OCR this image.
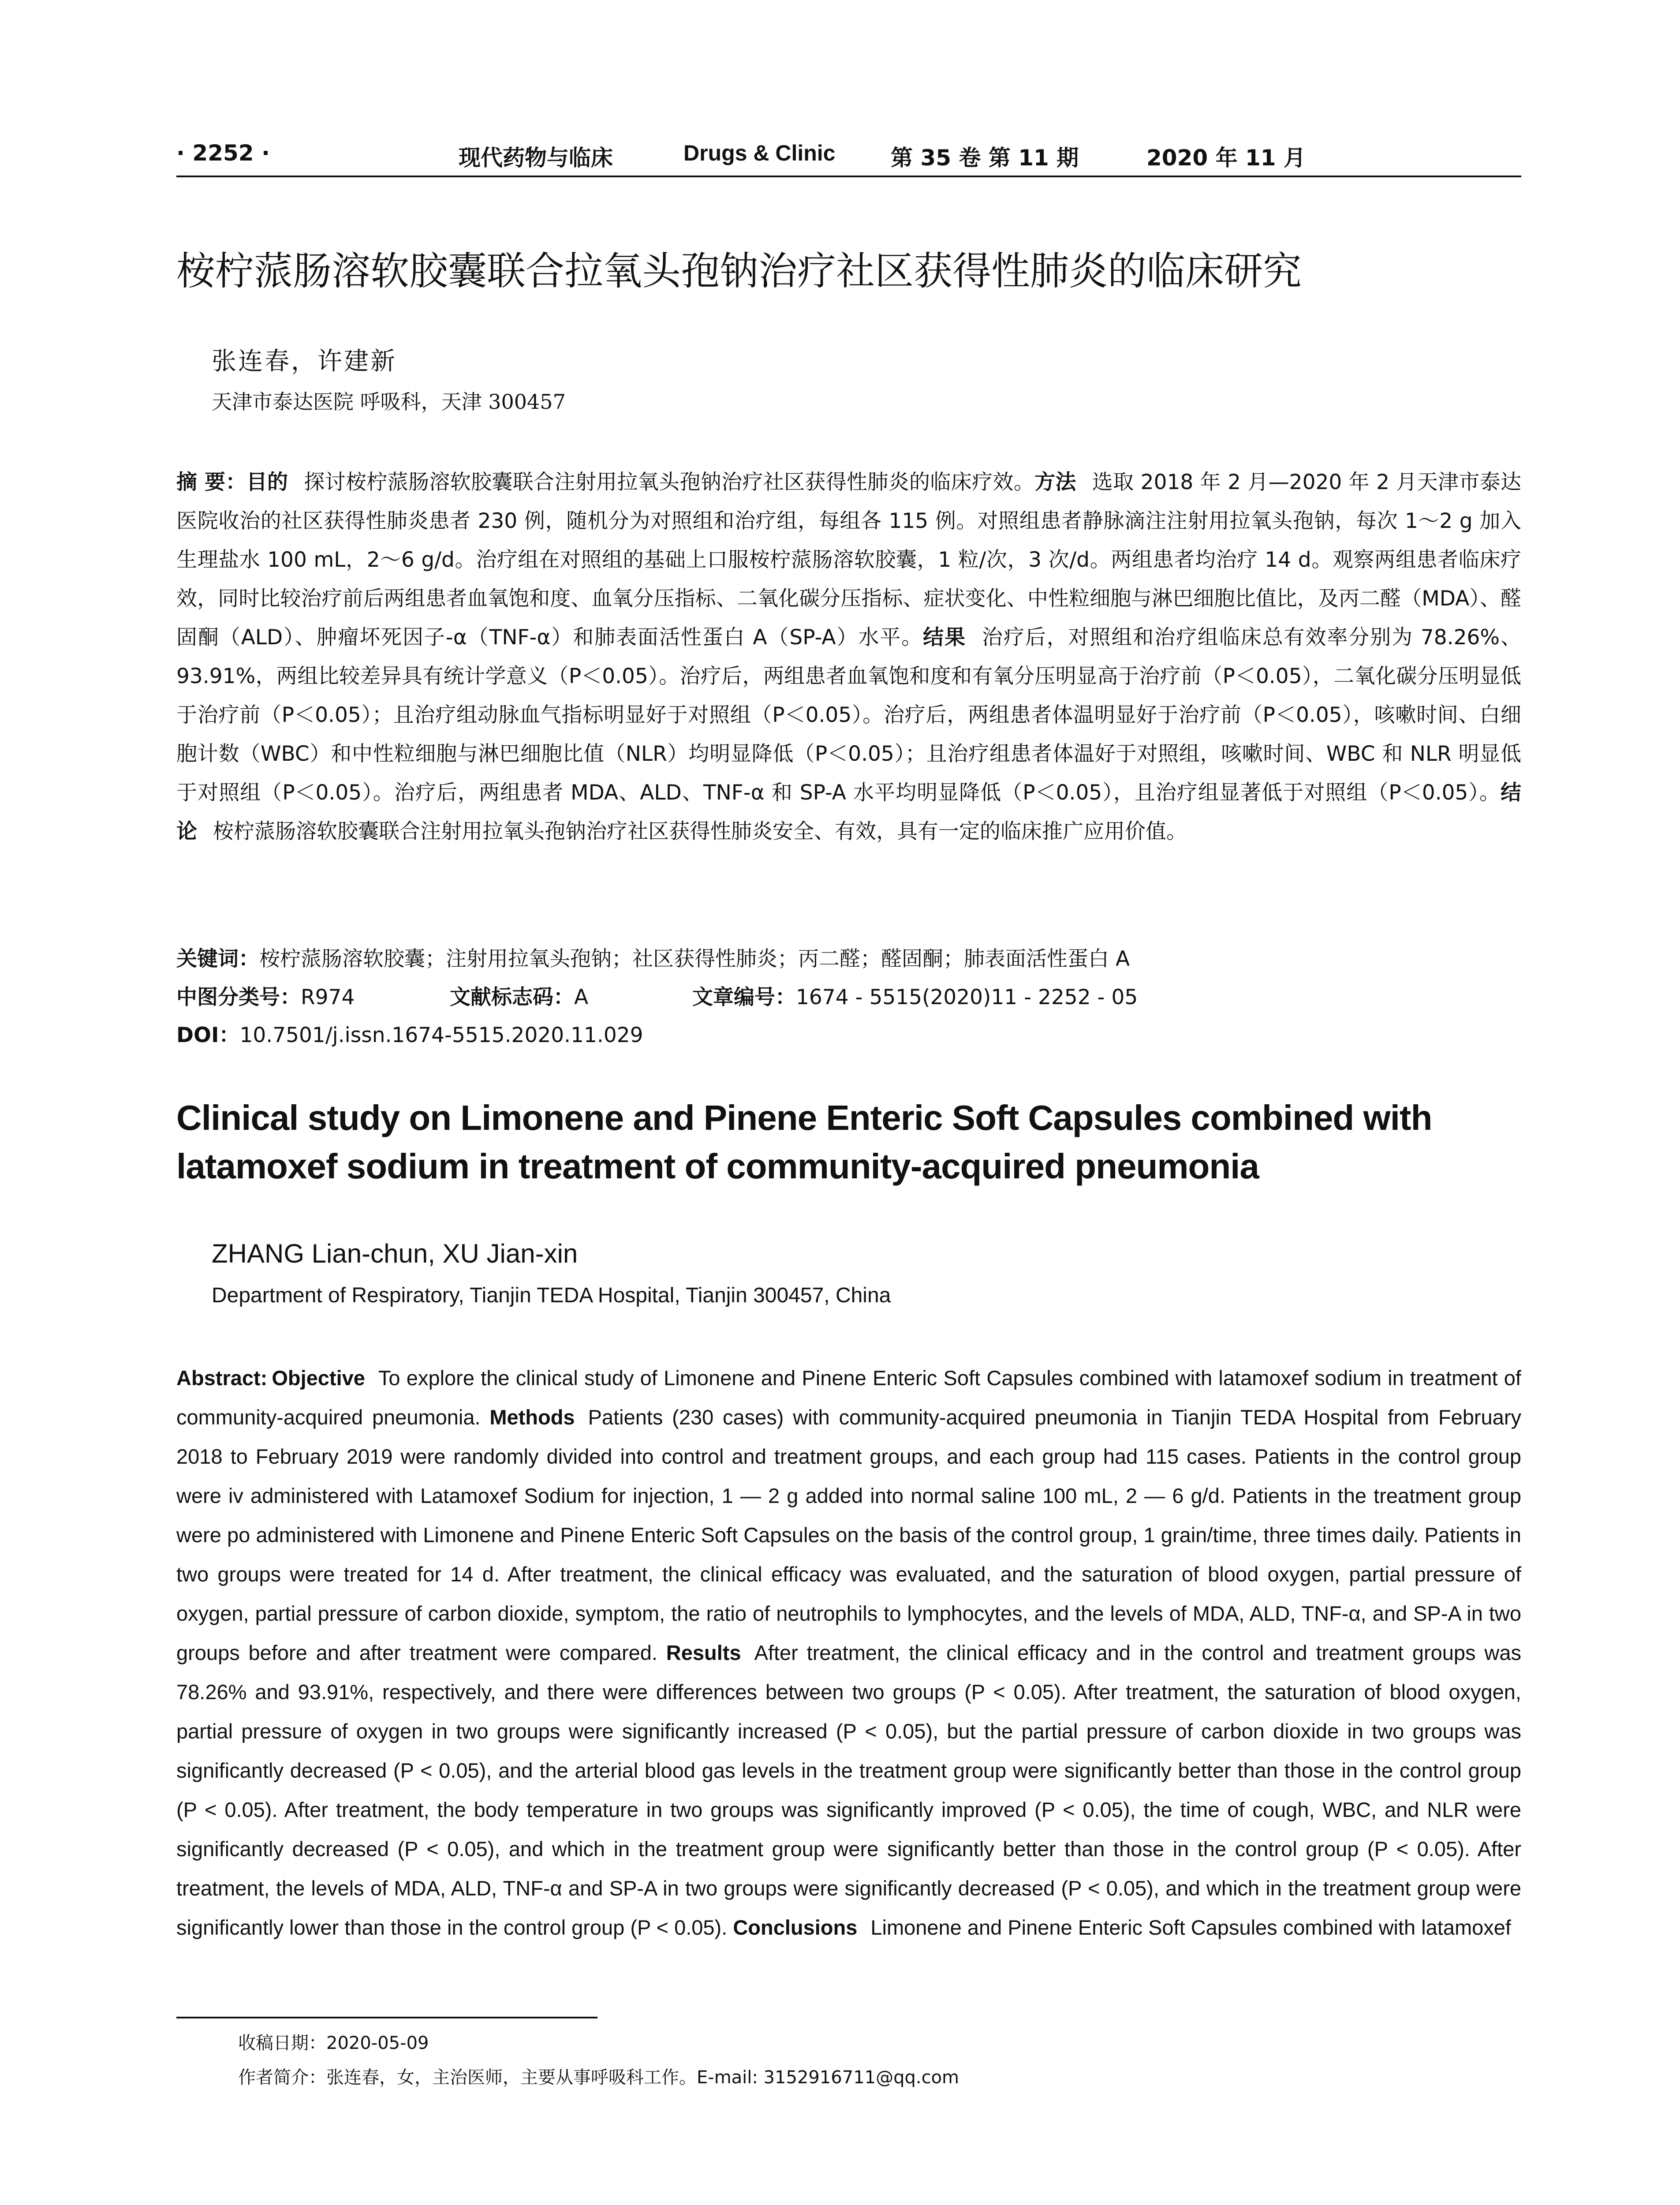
· 2252 ·	现代药物与临床	Drugs & Clinic	第 35 卷 第 11 期	2020 年 11 月
桉柠蒎肠溶软胶囊联合拉氧头孢钠治疗社区获得性肺炎的临床研究
张连春，许建新
天津市泰达医院 呼吸科，天津 300457
摘 要：目的 探讨桉柠蒎肠溶软胶囊联合注射用拉氧头孢钠治疗社区获得性肺炎的临床疗效。方法 选取 2018 年 2 月—2020 年 2 月天津市泰达医院收治的社区获得性肺炎患者 230 例，随机分为对照组和治疗组，每组各 115 例。对照组患者静脉滴注注射用拉氧头孢钠，每次 1～2 g 加入生理盐水 100 mL，2～6 g/d。治疗组在对照组的基础上口服桉柠蒎肠溶软胶囊，1 粒/次，3 次/d。两组患者均治疗 14 d。观察两组患者临床疗效，同时比较治疗前后两组患者血氧饱和度、血氧分压指标、二氧化碳分压指标、症状变化、中性粒细胞与淋巴细胞比值比，及丙二醛（MDA）、醛固酮（ALD）、肿瘤坏死因子-α（TNF-α）和肺表面活性蛋白 A（SP-A）水平。结果 治疗后，对照组和治疗组临床总有效率分别为 78.26%、93.91%，两组比较差异具有统计学意义（P＜0.05）。治疗后，两组患者血氧饱和度和有氧分压明显高于治疗前（P＜0.05），二氧化碳分压明显低于治疗前（P＜0.05）；且治疗组动脉血气指标明显好于对照组（P＜0.05）。治疗后，两组患者体温明显好于治疗前（P＜0.05），咳嗽时间、白细胞计数（WBC）和中性粒细胞与淋巴细胞比值（NLR）均明显降低（P＜0.05）；且治疗组患者体温好于对照组，咳嗽时间、WBC 和 NLR 明显低于对照组（P＜0.05）。治疗后，两组患者 MDA、ALD、TNF-α 和 SP-A 水平均明显降低（P＜0.05），且治疗组显著低于对照组（P＜0.05）。结论 桉柠蒎肠溶软胶囊联合注射用拉氧头孢钠治疗社区获得性肺炎安全、有效，具有一定的临床推广应用价值。
关键词：桉柠蒎肠溶软胶囊；注射用拉氧头孢钠；社区获得性肺炎；丙二醛；醛固酮；肺表面活性蛋白 A
中图分类号：R974	文献标志码：A	文章编号：1674 - 5515(2020)11 - 2252 - 05
DOI：10.7501/j.issn.1674-5515.2020.11.029
Clinical study on Limonene and Pinene Enteric Soft Capsules combined with latamoxef sodium in treatment of community-acquired pneumonia
ZHANG Lian-chun, XU Jian-xin
Department of Respiratory, Tianjin TEDA Hospital, Tianjin 300457, China
Abstract: Objective To explore the clinical study of Limonene and Pinene Enteric Soft Capsules combined with latamoxef sodium in treatment of community-acquired pneumonia. Methods Patients (230 cases) with community-acquired pneumonia in Tianjin TEDA Hospital from February 2018 to February 2019 were randomly divided into control and treatment groups, and each group had 115 cases. Patients in the control group were iv administered with Latamoxef Sodium for injection, 1 — 2 g added into normal saline 100 mL, 2 — 6 g/d. Patients in the treatment group were po administered with Limonene and Pinene Enteric Soft Capsules on the basis of the control group, 1 grain/time, three times daily. Patients in two groups were treated for 14 d. After treatment, the clinical efficacy was evaluated, and the saturation of blood oxygen, partial pressure of oxygen, partial pressure of carbon dioxide, symptom, the ratio of neutrophils to lymphocytes, and the levels of MDA, ALD, TNF-α, and SP-A in two groups before and after treatment were compared. Results After treatment, the clinical efficacy and in the control and treatment groups was 78.26% and 93.91%, respectively, and there were differences between two groups (P < 0.05). After treatment, the saturation of blood oxygen, partial pressure of oxygen in two groups were significantly increased (P < 0.05), but the partial pressure of carbon dioxide in two groups was significantly decreased (P < 0.05), and the arterial blood gas levels in the treatment group were significantly better than those in the control group (P < 0.05). After treatment, the body temperature in two groups was significantly improved (P < 0.05), the time of cough, WBC, and NLR were significantly decreased (P < 0.05), and which in the treatment group were significantly better than those in the control group (P < 0.05). After treatment, the levels of MDA, ALD, TNF-α and SP-A in two groups were significantly decreased (P < 0.05), and which in the treatment group were significantly lower than those in the control group (P < 0.05). Conclusions Limonene and Pinene Enteric Soft Capsules combined with latamoxef
收稿日期：2020-05-09
作者简介：张连春，女，主治医师，主要从事呼吸科工作。E-mail: 3152916711@qq.com
